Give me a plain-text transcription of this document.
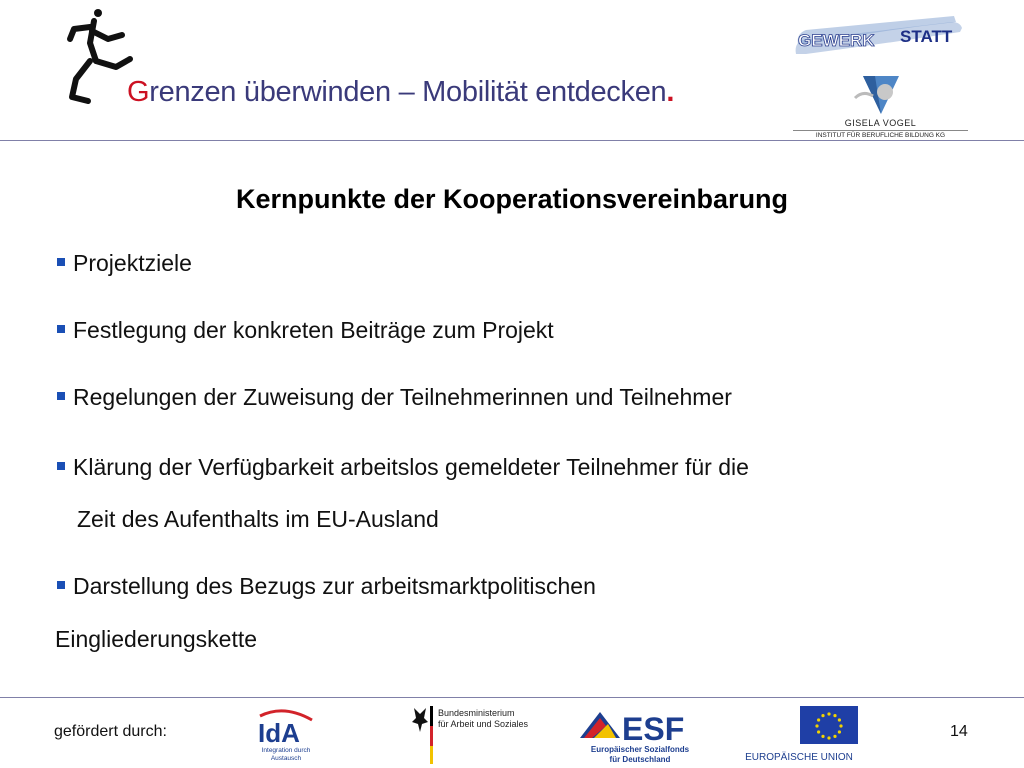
Grenzen überwinden – Mobilität entdecken.
GEWERK STATT
GISELA VOGEL
INSTITUT FÜR BERUFLICHE BILDUNG KG
Kernpunkte der Kooperationsvereinbarung
Projektziele
Festlegung der konkreten Beiträge zum Projekt
Regelungen der Zuweisung der Teilnehmerinnen und Teilnehmer
Klärung der Verfügbarkeit arbeitslos gemeldeter Teilnehmer für die
Zeit des Aufenthalts im EU-Ausland
Darstellung des Bezugs zur arbeitsmarktpolitischen
Eingliederungskette
gefördert durch:	IdA
Integration durch
Austausch
Bundesministerium
für Arbeit und Soziales	ESF
Europäischer Sozialfonds
für Deutschland	EUROPÄISCHE UNION
14
